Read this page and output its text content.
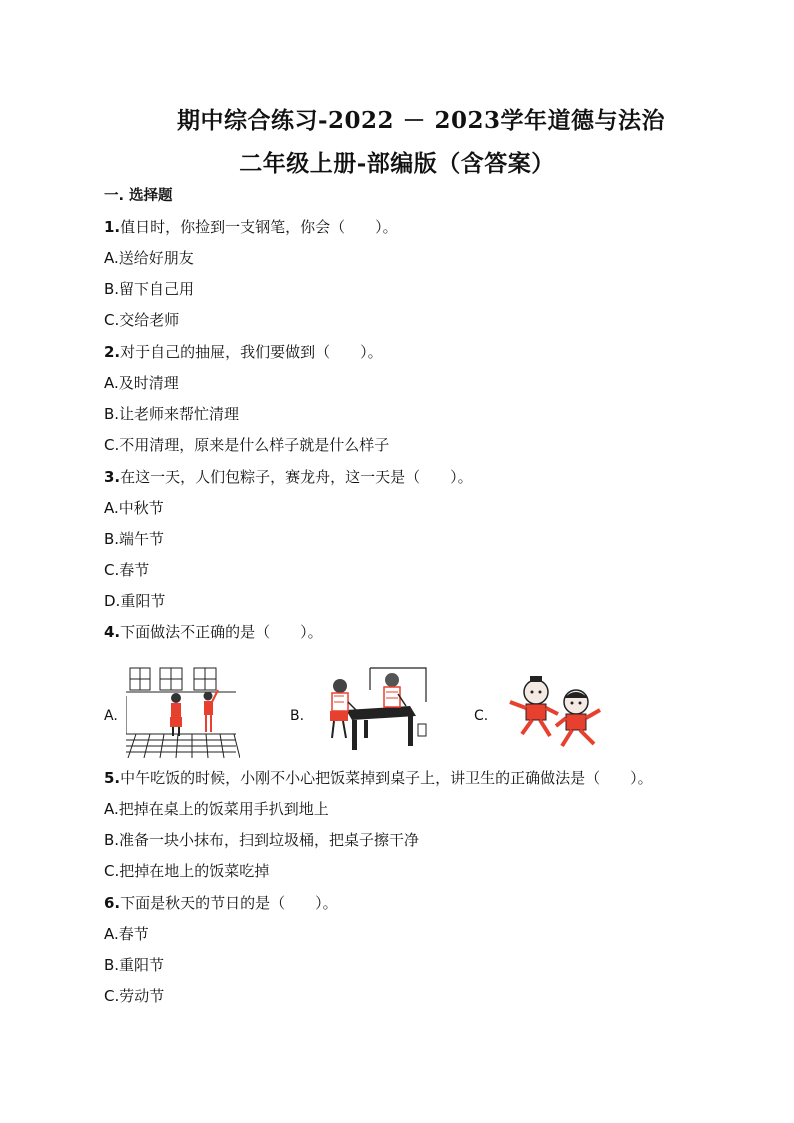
期中综合练习-2022 － 2023学年道德与法治
二年级上册-部编版（含答案）
一. 选择题
1.值日时，你捡到一支钢笔，你会（　　）。
A.送给好朋友
B.留下自己用
C.交给老师
2.对于自己的抽屉，我们要做到（　　）。
A.及时清理
B.让老师来帮忙清理
C.不用清理，原来是什么样子就是什么样子
3.在这一天，人们包粽子，赛龙舟，这一天是（　　）。
A.中秋节
B.端午节
C.春节
D.重阳节
4.下面做法不正确的是（　　）。
A.	B.	C.
5.中午吃饭的时候，小刚不小心把饭菜掉到桌子上，讲卫生的正确做法是（　　）。
A.把掉在桌上的饭菜用手扒到地上
B.准备一块小抹布，扫到垃圾桶，把桌子擦干净
C.把掉在地上的饭菜吃掉
6.下面是秋天的节日的是（　　）。
A.春节
B.重阳节
C.劳动节
